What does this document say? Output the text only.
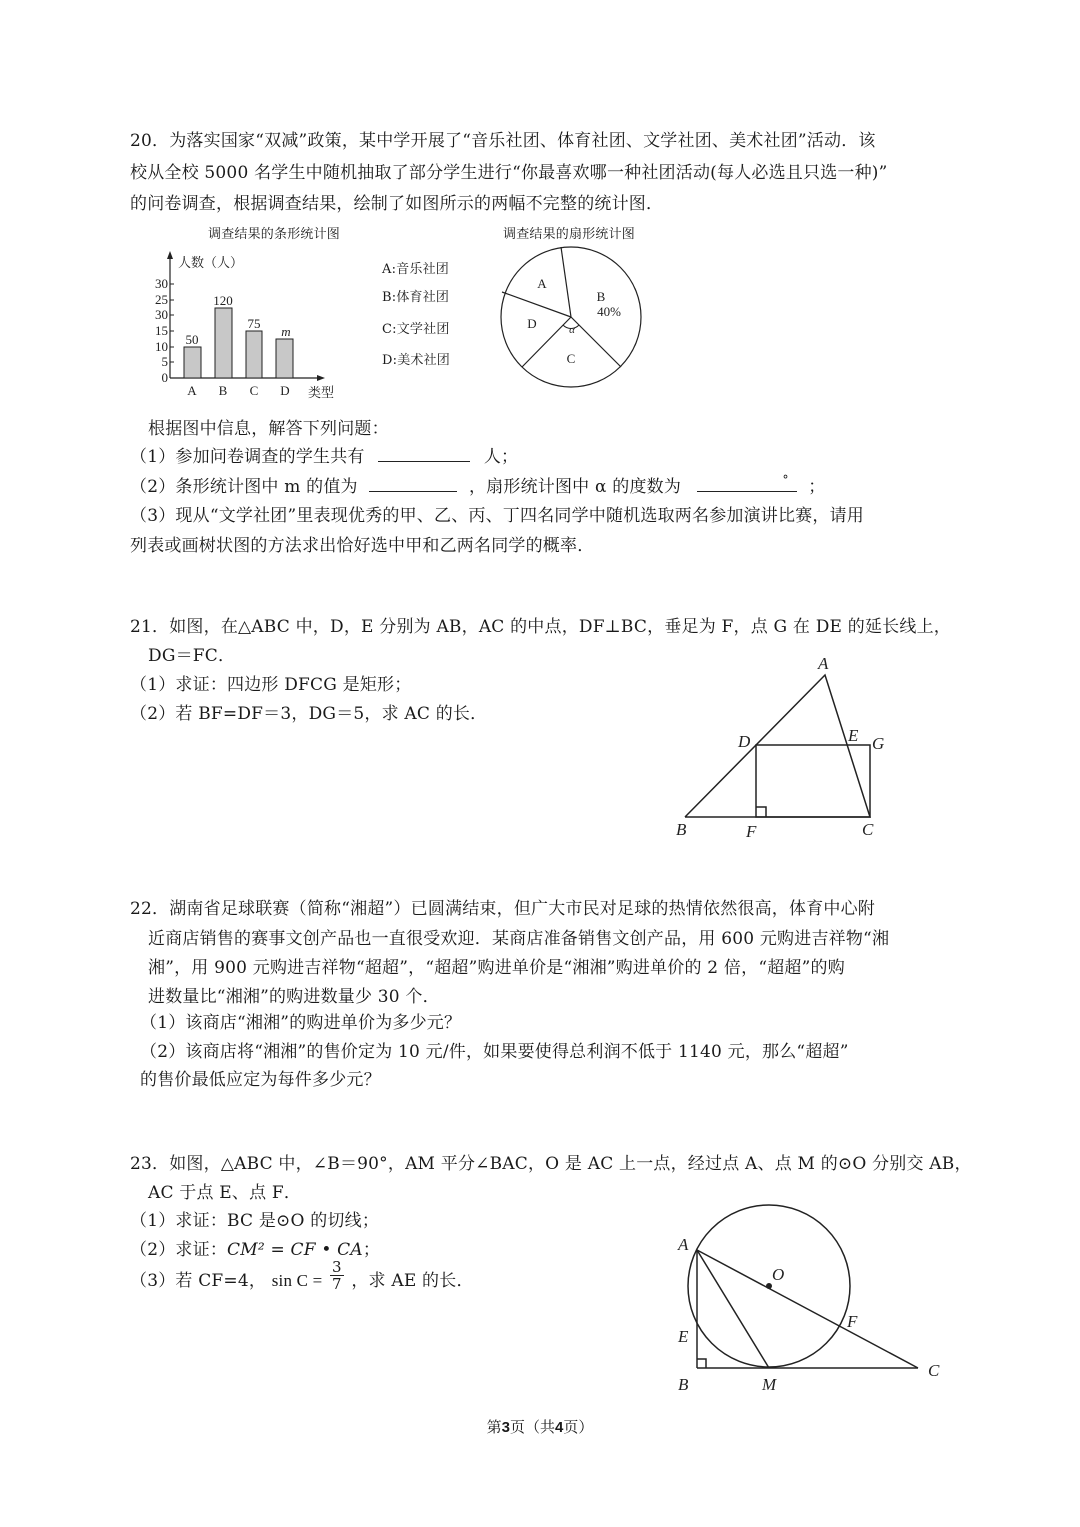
20．为落实国家“双减”政策，某中学开展了“音乐社团、体育社团、文学社团、美术社团”活动．该
校从全校 5000 名学生中随机抽取了部分学生进行“你最喜欢哪一种社团活动(每人必选且只选一种)”
的问卷调查，根据调查结果，绘制了如图所示的两幅不完整的统计图．
调查结果的条形统计图
0
5
10
15
30
25
30
人数（人）
50
120
75
m
A B C D 类型
A:音乐社团
B:体育社团
C:文学社团
D:美术社团
调查结果的扇形统计图
A
B
40%
D
C
α
根据图中信息，解答下列问题：
（1）参加问卷调查的学生共有	人；
（2）条形统计图中 m 的值为	，扇形统计图中 α 的度数为	° ；
（3）现从“文学社团”里表现优秀的甲、乙、丙、丁四名同学中随机选取两名参加演讲比赛，请用
列表或画树状图的方法求出恰好选中甲和乙两名同学的概率．
21．如图，在△ABC 中，D，E 分别为 AB，AC 的中点，DF⊥BC，垂足为 F，点 G 在 DE 的延长线上，
DG＝FC．
（1）求证：四边形 DFCG 是矩形；
（2）若 BF=DF＝3，DG＝5，求 AC 的长．
A
B	C
D	E
F
G
22．湖南省足球联赛（简称“湘超”）已圆满结束，但广大市民对足球的热情依然很高，体育中心附
近商店销售的赛事文创产品也一直很受欢迎．某商店准备销售文创产品，用 600 元购进吉祥物“湘
湘”，用 900 元购进吉祥物“超超”，“超超”购进单价是“湘湘”购进单价的 2 倍，“超超”的购
进数量比“湘湘”的购进数量少 30 个．
（1）该商店“湘湘”的购进单价为多少元？
（2）该商店将“湘湘”的售价定为 10 元/件，如果要使得总利润不低于 1140 元，那么“超超”
的售价最低应定为每件多少元？
23．如图，△ABC 中，∠B＝90°，AM 平分∠BAC，O 是 AC 上一点，经过点 A、点 M 的⊙O 分别交 AB，
AC 于点 E、点 F．
（1）求证：BC 是⊙O 的切线；
（2）求证：CM² = CF • CA；
（3）若 CF=4， $\sin C = \frac{3}{7}$ ，求 AE 的长．
A
B
C
E
F
M
O
第3页（共4页）
